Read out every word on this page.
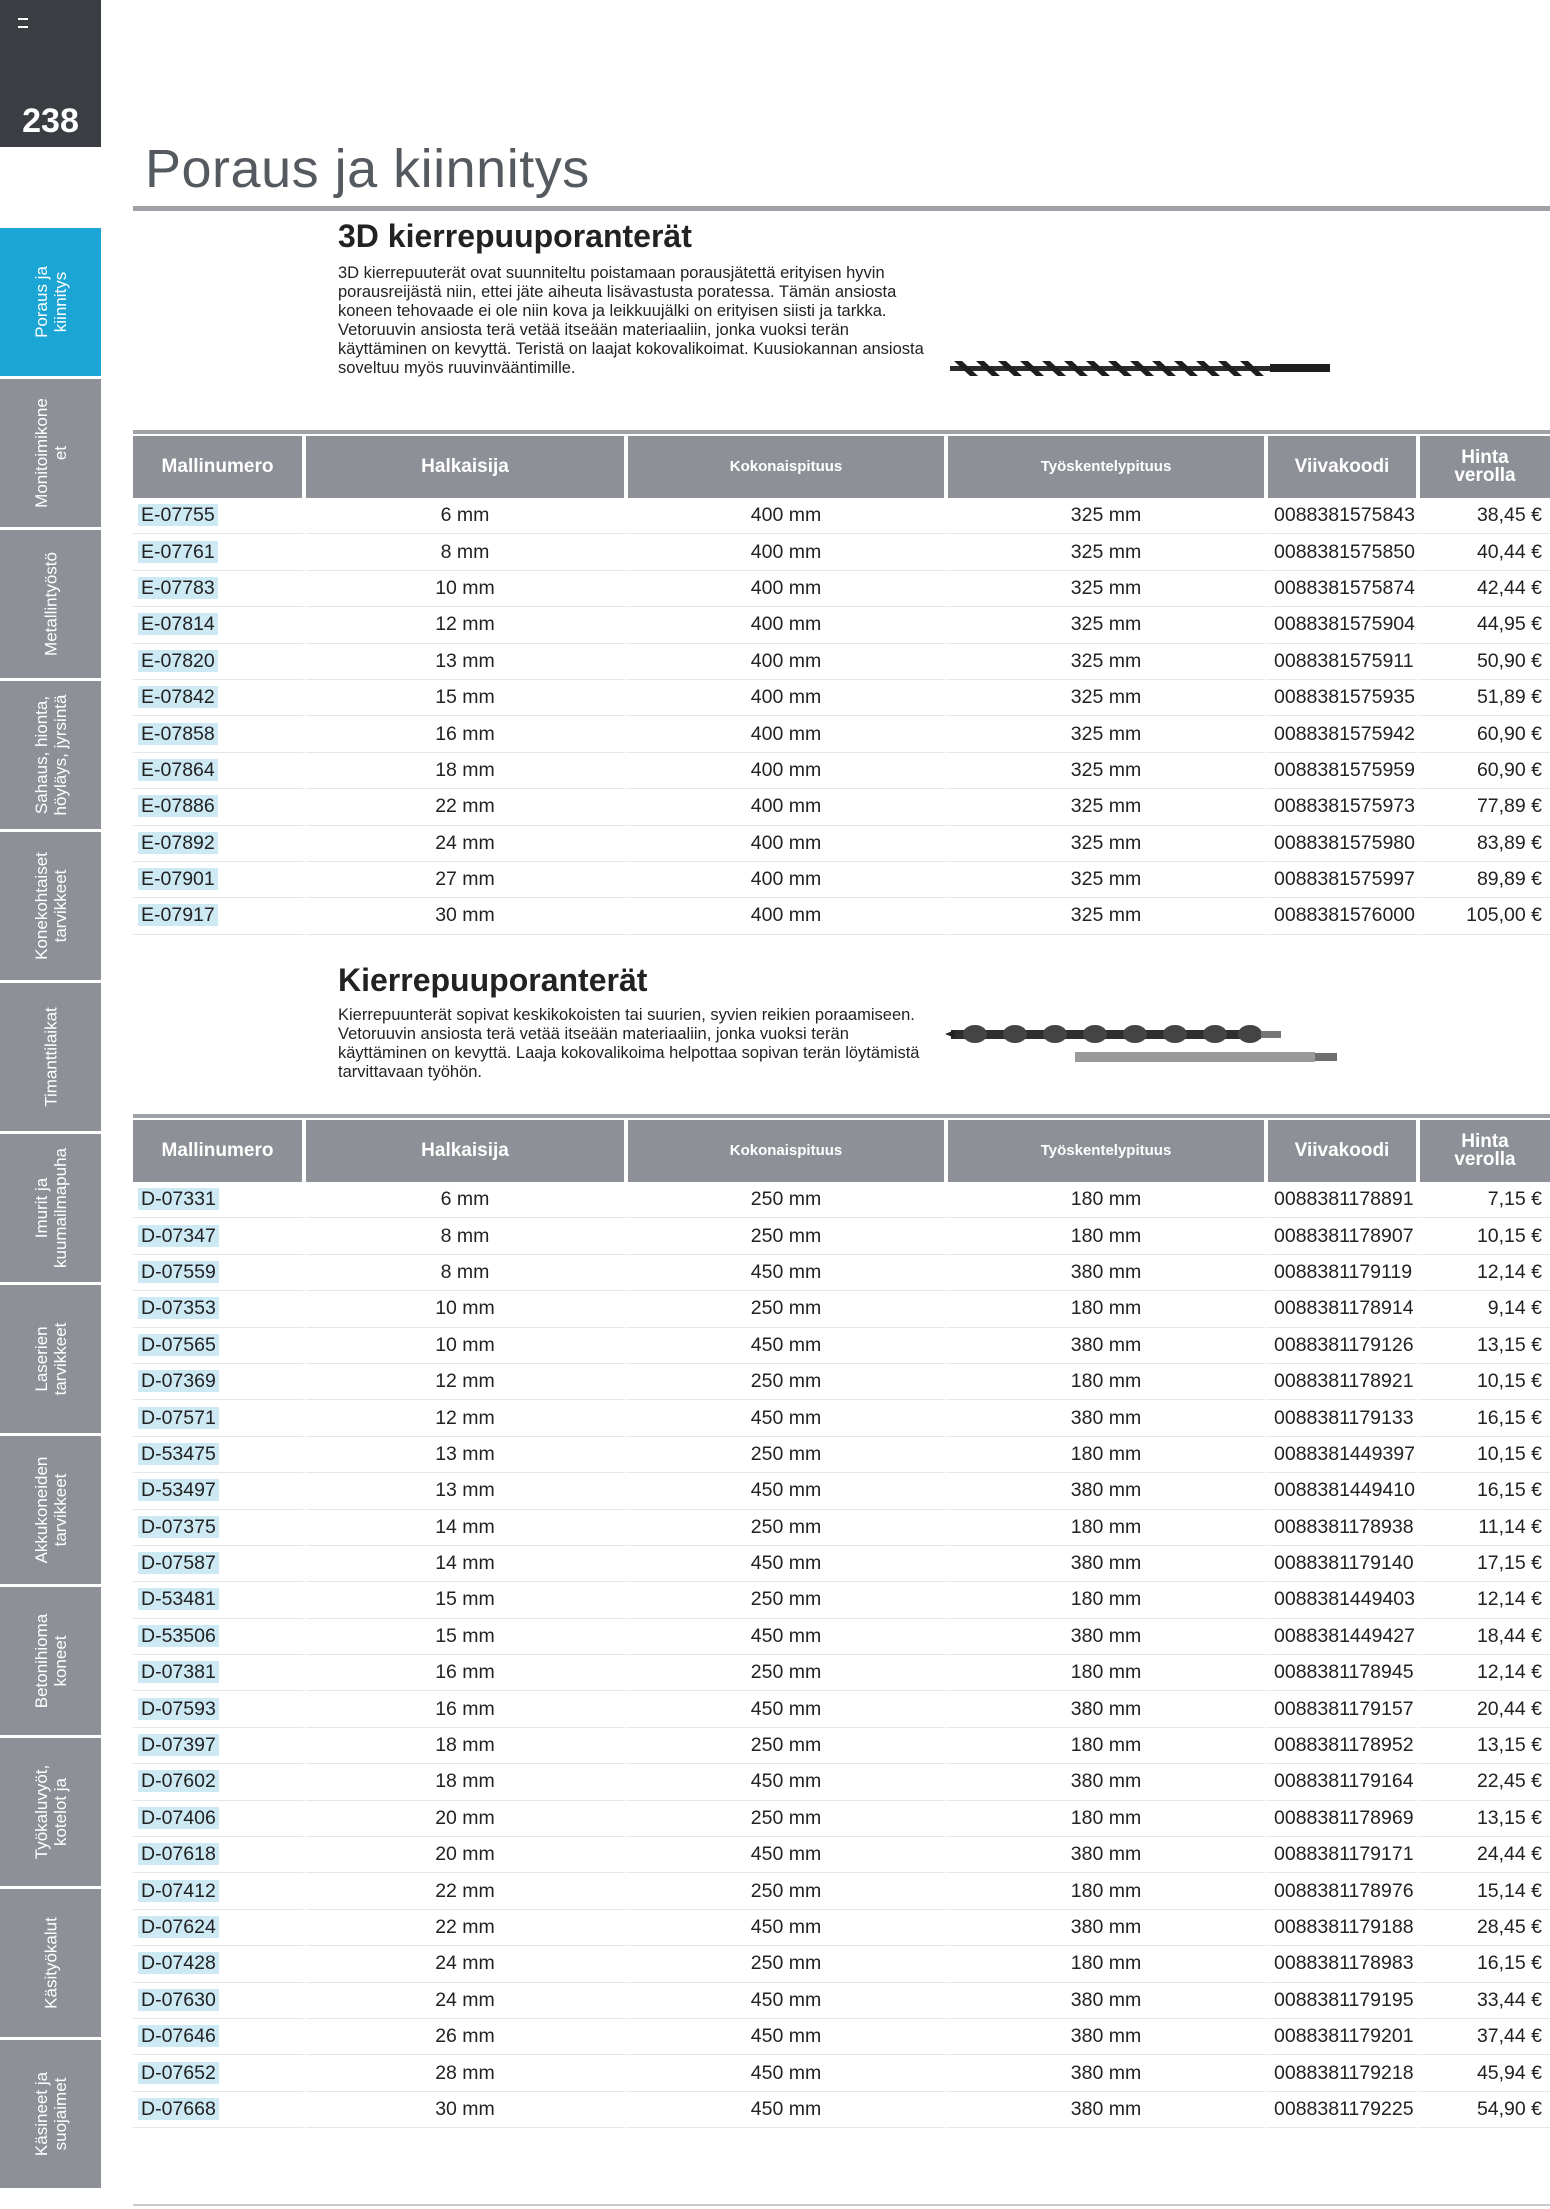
238
Poraus ja
kiinnitys
Monitoimikone
et
Metallintyöstö
Sahaus, hionta,
höyläys, jyrsintä
Konekohtaiset
tarvikkeet
Timanttilaikat
Imurit ja
kuumailmapuha
Laserien
tarvikkeet
Akkukoneiden
tarvikkeet
Betonihioma
koneet
Työkaluvyöt,
kotelot ja
Käsityökalut
Käsineet ja
suojaimet
Poraus ja kiinnitys
3D kierrepuuporanterät
3D kierrepuuterät ovat suunniteltu poistamaan porausjätettä erityisen hyvin porausreijästä niin, ettei jäte aiheuta lisävastusta poratessa. Tämän ansiosta koneen tehovaade ei ole niin kova ja leikkuujälki on erityisen siisti ja tarkka. Vetoruuvin ansiosta terä vetää itseään materiaaliin, jonka vuoksi terän käyttäminen on kevyttä. Teristä on laajat kokovalikoimat. Kuusiokannan ansiosta soveltuu myös ruuvinvääntimille.
Mallinumero	Halkaisija	Kokonaispituus	Työskentelypituus	Viivakoodi	Hinta
verolla
E-07755	6 mm	400 mm	325 mm	0088381575843	38,45 €
E-07761	8 mm	400 mm	325 mm	0088381575850	40,44 €
E-07783	10 mm	400 mm	325 mm	0088381575874	42,44 €
E-07814	12 mm	400 mm	325 mm	0088381575904	44,95 €
E-07820	13 mm	400 mm	325 mm	0088381575911	50,90 €
E-07842	15 mm	400 mm	325 mm	0088381575935	51,89 €
E-07858	16 mm	400 mm	325 mm	0088381575942	60,90 €
E-07864	18 mm	400 mm	325 mm	0088381575959	60,90 €
E-07886	22 mm	400 mm	325 mm	0088381575973	77,89 €
E-07892	24 mm	400 mm	325 mm	0088381575980	83,89 €
E-07901	27 mm	400 mm	325 mm	0088381575997	89,89 €
E-07917	30 mm	400 mm	325 mm	0088381576000	105,00 €
Kierrepuuporanterät
Kierrepuunterät sopivat keskikokoisten tai suurien, syvien reikien poraamiseen. Vetoruuvin ansiosta terä vetää itseään materiaaliin, jonka vuoksi terän käyttäminen on kevyttä. Laaja kokovalikoima helpottaa sopivan terän löytämistä tarvittavaan työhön.
Mallinumero	Halkaisija	Kokonaispituus	Työskentelypituus	Viivakoodi	Hinta
verolla
D-07331	6 mm	250 mm	180 mm	0088381178891	7,15 €
D-07347	8 mm	250 mm	180 mm	0088381178907	10,15 €
D-07559	8 mm	450 mm	380 mm	0088381179119	12,14 €
D-07353	10 mm	250 mm	180 mm	0088381178914	9,14 €
D-07565	10 mm	450 mm	380 mm	0088381179126	13,15 €
D-07369	12 mm	250 mm	180 mm	0088381178921	10,15 €
D-07571	12 mm	450 mm	380 mm	0088381179133	16,15 €
D-53475	13 mm	250 mm	180 mm	0088381449397	10,15 €
D-53497	13 mm	450 mm	380 mm	0088381449410	16,15 €
D-07375	14 mm	250 mm	180 mm	0088381178938	11,14 €
D-07587	14 mm	450 mm	380 mm	0088381179140	17,15 €
D-53481	15 mm	250 mm	180 mm	0088381449403	12,14 €
D-53506	15 mm	450 mm	380 mm	0088381449427	18,44 €
D-07381	16 mm	250 mm	180 mm	0088381178945	12,14 €
D-07593	16 mm	450 mm	380 mm	0088381179157	20,44 €
D-07397	18 mm	250 mm	180 mm	0088381178952	13,15 €
D-07602	18 mm	450 mm	380 mm	0088381179164	22,45 €
D-07406	20 mm	250 mm	180 mm	0088381178969	13,15 €
D-07618	20 mm	450 mm	380 mm	0088381179171	24,44 €
D-07412	22 mm	250 mm	180 mm	0088381178976	15,14 €
D-07624	22 mm	450 mm	380 mm	0088381179188	28,45 €
D-07428	24 mm	250 mm	180 mm	0088381178983	16,15 €
D-07630	24 mm	450 mm	380 mm	0088381179195	33,44 €
D-07646	26 mm	450 mm	380 mm	0088381179201	37,44 €
D-07652	28 mm	450 mm	380 mm	0088381179218	45,94 €
D-07668	30 mm	450 mm	380 mm	0088381179225	54,90 €
